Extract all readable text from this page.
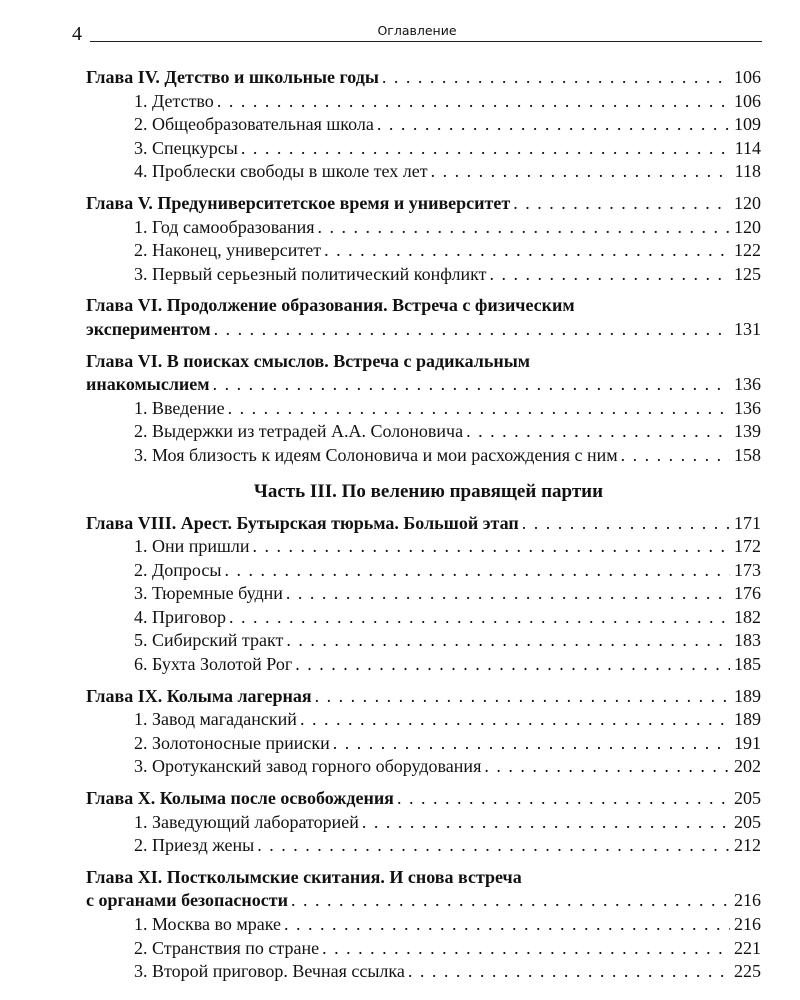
4	Оглавление
Глава IV. Детство и школьные годы . . .	106
1. Детство . . .	106
2. Общеобразовательная школа . . .	109
3. Спецкурсы . . .	114
4. Проблески свободы в школе тех лет . . .	118
Глава V. Предуниверситетское время и университет . . .	120
1. Год самообразования . . .	120
2. Наконец, университет . . .	122
3. Первый серьезный политический конфликт . . .	125
Глава VI. Продолжение образования. Встреча с физическим
экспериментом . . .	131
Глава VI. В поисках смыслов. Встреча с радикальным
инакомыслием . . .	136
1. Введение . . .	136
2. Выдержки из тетрадей А.А. Солоновича . . .	139
3. Моя близость к идеям Солоновича и мои расхождения с ним . . .	158
Часть III. По велению правящей партии
Глава VIII. Арест. Бутырская тюрьма. Большой этап . . .	171
1. Они пришли . . .	172
2. Допросы . . .	173
3. Тюремные будни . . .	176
4. Приговор . . .	182
5. Сибирский тракт . . .	183
6. Бухта Золотой Рог . . .	185
Глава IX. Колыма лагерная . . .	189
1. Завод магаданский . . .	189
2. Золотоносные прииски . . .	191
3. Оротуканский завод горного оборудования . . .	202
Глава X. Колыма после освобождения . . .	205
1. Заведующий лабораторией . . .	205
2. Приезд жены . . .	212
Глава XI. Постколымские скитания. И снова встреча
с органами безопасности . . .	216
1. Москва во мраке . . .	216
2. Странствия по стране . . .	221
3. Второй приговор. Вечная ссылка . . .	225
